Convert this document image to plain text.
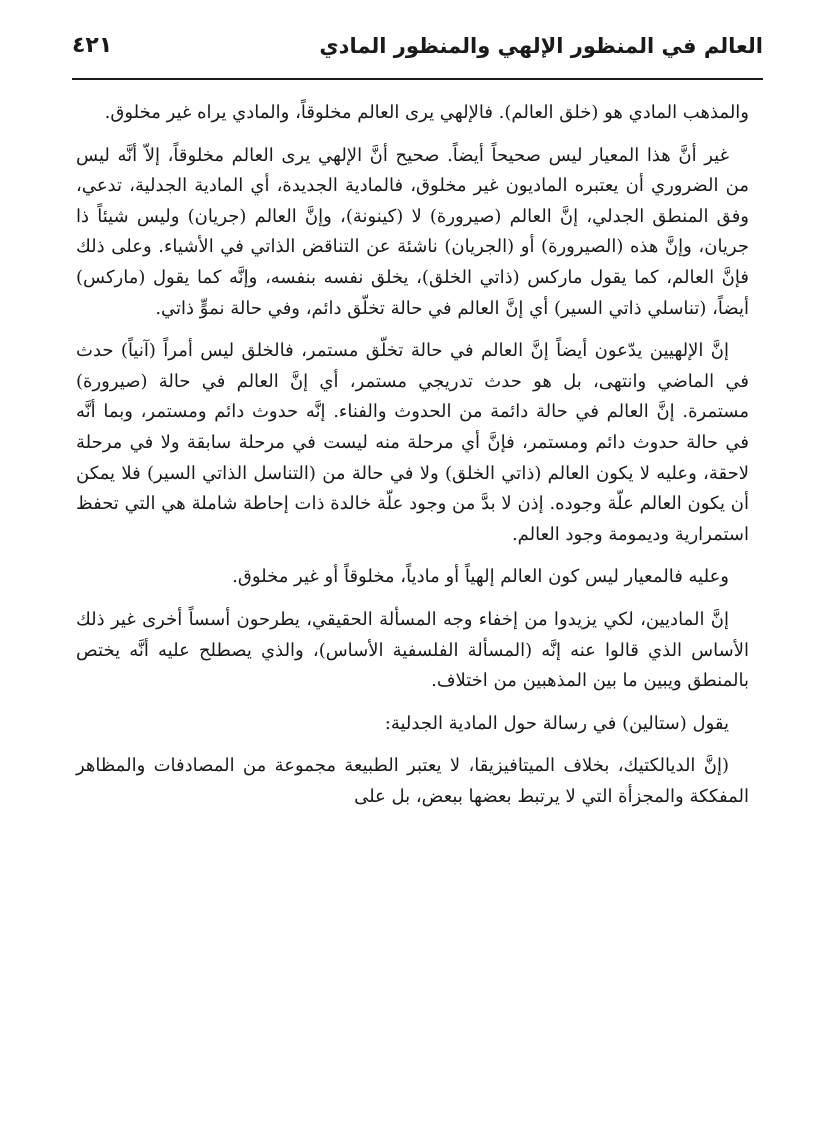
العالم في المنظور الإلهي والمنظور المادي
٤٢١

والمذهب المادي هو (خلق العالم). فالإلهي يرى العالم مخلوقاً، والمادي يراه غير مخلوق.

غير أنَّ هذا المعيار ليس صحيحاً أيضاً. صحيح أنَّ الإلهي يرى العالم مخلوقاً، إلاّ أنَّه ليس من الضروري أن يعتبره الماديون غير مخلوق، فالمادية الجديدة، أي المادية الجدلية، تدعي، وفق المنطق الجدلي، إنَّ العالم (صيرورة) لا (كينونة)، وإنَّ العالم (جريان) وليس شيئاً ذا جريان، وإنَّ هذه (الصيرورة) أو (الجريان) ناشئة عن التناقض الذاتي في الأشياء. وعلى ذلك فإنَّ العالم، كما يقول ماركس (ذاتي الخلق)، يخلق نفسه بنفسه، وإنَّه كما يقول (ماركس) أيضاً، (تناسلي ذاتي السير) أي إنَّ العالم في حالة تخلّق دائم، وفي حالة نموٍّ ذاتي.

إنَّ الإلهيين يدّعون أيضاً إنَّ العالم في حالة تخلّق مستمر، فالخلق ليس أمراً (آنياً) حدث في الماضي وانتهى، بل هو حدث تدريجي مستمر، أي إنَّ العالم في حالة (صيرورة) مستمرة. إنَّ العالم في حالة دائمة من الحدوث والفناء. إنَّه حدوث دائم ومستمر، وبما أنَّه في حالة حدوث دائم ومستمر، فإنَّ أي مرحلة منه ليست في مرحلة سابقة ولا في مرحلة لاحقة، وعليه لا يكون العالم (ذاتي الخلق) ولا في حالة من (التناسل الذاتي السير) فلا يمكن أن يكون العالم علّة وجوده. إذن لا بدَّ من وجود علّة خالدة ذات إحاطة شاملة هي التي تحفظ استمرارية وديمومة وجود العالم.

وعليه فالمعيار ليس كون العالم إلهياً أو مادياً، مخلوقاً أو غير مخلوق.

إنَّ الماديين، لكي يزيدوا من إخفاء وجه المسألة الحقيقي، يطرحون أسساً أخرى غير ذلك الأساس الذي قالوا عنه إنَّه (المسألة الفلسفية الأساس)، والذي يصطلح عليه أنَّه يختص بالمنطق ويبين ما بين المذهبين من اختلاف.

يقول (ستالين) في رسالة حول المادية الجدلية:

(إنَّ الديالكتيك، بخلاف الميتافيزيقا، لا يعتبر الطبيعة مجموعة من المصادفات والمظاهر المفككة والمجزأة التي لا يرتبط بعضها ببعض، بل على
